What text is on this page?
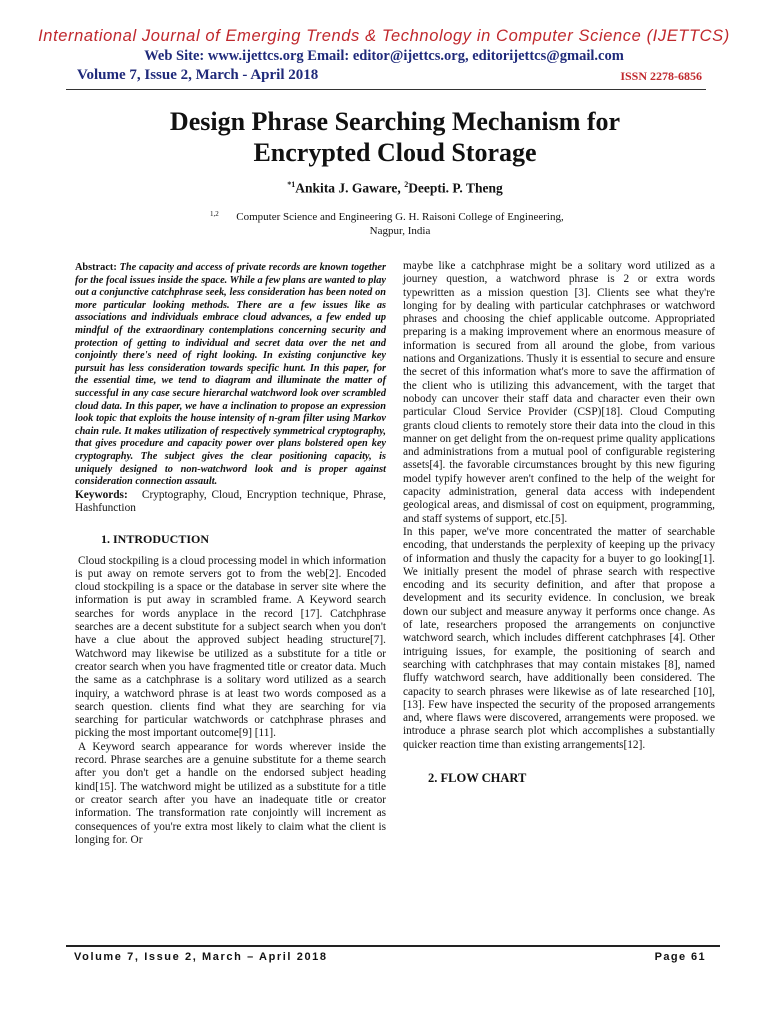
International Journal of Emerging Trends & Technology in Computer Science (IJETTCS)
Web Site: www.ijettcs.org Email: editor@ijettcs.org, editorijettcs@gmail.com
Volume 7, Issue 2, March - April 2018	ISSN 2278-6856
Design Phrase Searching Mechanism for
Encrypted Cloud Storage
$^{*1}$Ankita J. Gaware, $^2$Deepti. P. Theng
1,2	Computer Science and Engineering G. H. Raisoni College of Engineering,
Nagpur, India

Abstract: The capacity and access of private records are known together for the focal issues inside the space. While a few plans are wanted to play out a conjunctive catchphrase seek, less consideration has been noted on more particular looking methods. There are a few issues like as associations and individuals embrace cloud advances, a few ended up mindful of the extraordinary contemplations concerning security and protection of getting to individual and secret data over the net and conjointly there's need of right looking. In existing conjunctive key pursuit has less consideration towards specific hunt. In this paper, for the essential time, we tend to diagram and illuminate the matter of successful in any case secure hierarchal watchword look over scrambled cloud data. In this paper, we have a inclination to propose an expression look topic that exploits the house intensity of n-gram filter using Markov chain rule. It makes utilization of respectively symmetrical cryptography, that gives procedure and capacity power over plans bolstered open key cryptography. The subject gives the clear positioning capacity, is uniquely designed to non-watchword look and is proper against consideration connection assault.

Keywords:   Cryptography, Cloud, Encryption technique, Phrase, Hashfunction

1. INTRODUCTION

Cloud stockpiling is a cloud processing model in which information is put away on remote servers got to from the web[2]. Encoded cloud stockpiling is a space or the database in server site where the information is put away in scrambled frame. A Keyword search searches for words anyplace in the record [17]. Catchphrase searches are a decent substitute for a subject search when you don't have a clue about the approved subject heading structure[7]. Watchword may likewise be utilized as a substitute for a title or creator search when you have fragmented title or creator data. Much the same as a catchphrase is a solitary word utilized as a search inquiry, a watchword phrase is at least two words composed as a search question. clients find what they are searching for via searching for particular watchwords or catchphrase phrases and picking the most important outcome[9] [11].

A Keyword search appearance for words wherever inside the record. Phrase searches are a genuine substitute for a theme search after you don't get a handle on the endorsed subject heading kind[15]. The watchword might be utilized as a substitute for a title or creator search after you have an inadequate title or creator information. The transformation rate conjointly will increment as consequences of you're extra most likely to claim what the client is longing for. Or

maybe like a catchphrase might be a solitary word utilized as a journey question, a watchword phrase is 2 or extra words typewritten as a mission question [3]. Clients see what they're longing for by dealing with particular catchphrases or watchword phrases and choosing the chief applicable outcome. Appropriated preparing is a making improvement where an enormous measure of information is secured from all around the globe, from various nations and Organizations. Thusly it is essential to secure and ensure the secret of this information what's more to save the affirmation of the client who is utilizing this advancement, with the target that nobody can uncover their staff data and character even their own particular Cloud Service Provider (CSP)[18]. Cloud Computing grants cloud clients to remotely store their data into the cloud in this manner on get delight from the on-request prime quality applications and administrations from a mutual pool of configurable registering assets[4]. the favorable circumstances brought by this new figuring model typify however aren't confined to the help of the weight for capacity administration, general data access with independent geological areas, and dismissal of cost on equipment, programming, and staff systems of support, etc.[5].

In this paper, we've more concentrated the matter of searchable encoding, that understands the perplexity of keeping up the privacy of information and thusly the capacity for a buyer to go looking[1]. We initially present the model of phrase search with respective encoding and its security definition, and after that propose a development and its security evidence. In conclusion, we break down our subject and measure anyway it performs once change. As of late, researchers proposed the arrangements on conjunctive watchword search, which includes different catchphrases [4]. Other intriguing issues, for example, the positioning of search and searching with catchphrases that may contain mistakes [8], named fluffy watchword search, have additionally been considered. The capacity to search phrases were likewise as of late researched [10], [13]. Few have inspected the security of the proposed arrangements and, where flaws were discovered, arrangements were proposed. we introduce a phrase search plot which accomplishes a substantially quicker reaction time than existing arrangements[12].

2. FLOW CHART
Volume 7, Issue 2, March – April 2018	Page 61
